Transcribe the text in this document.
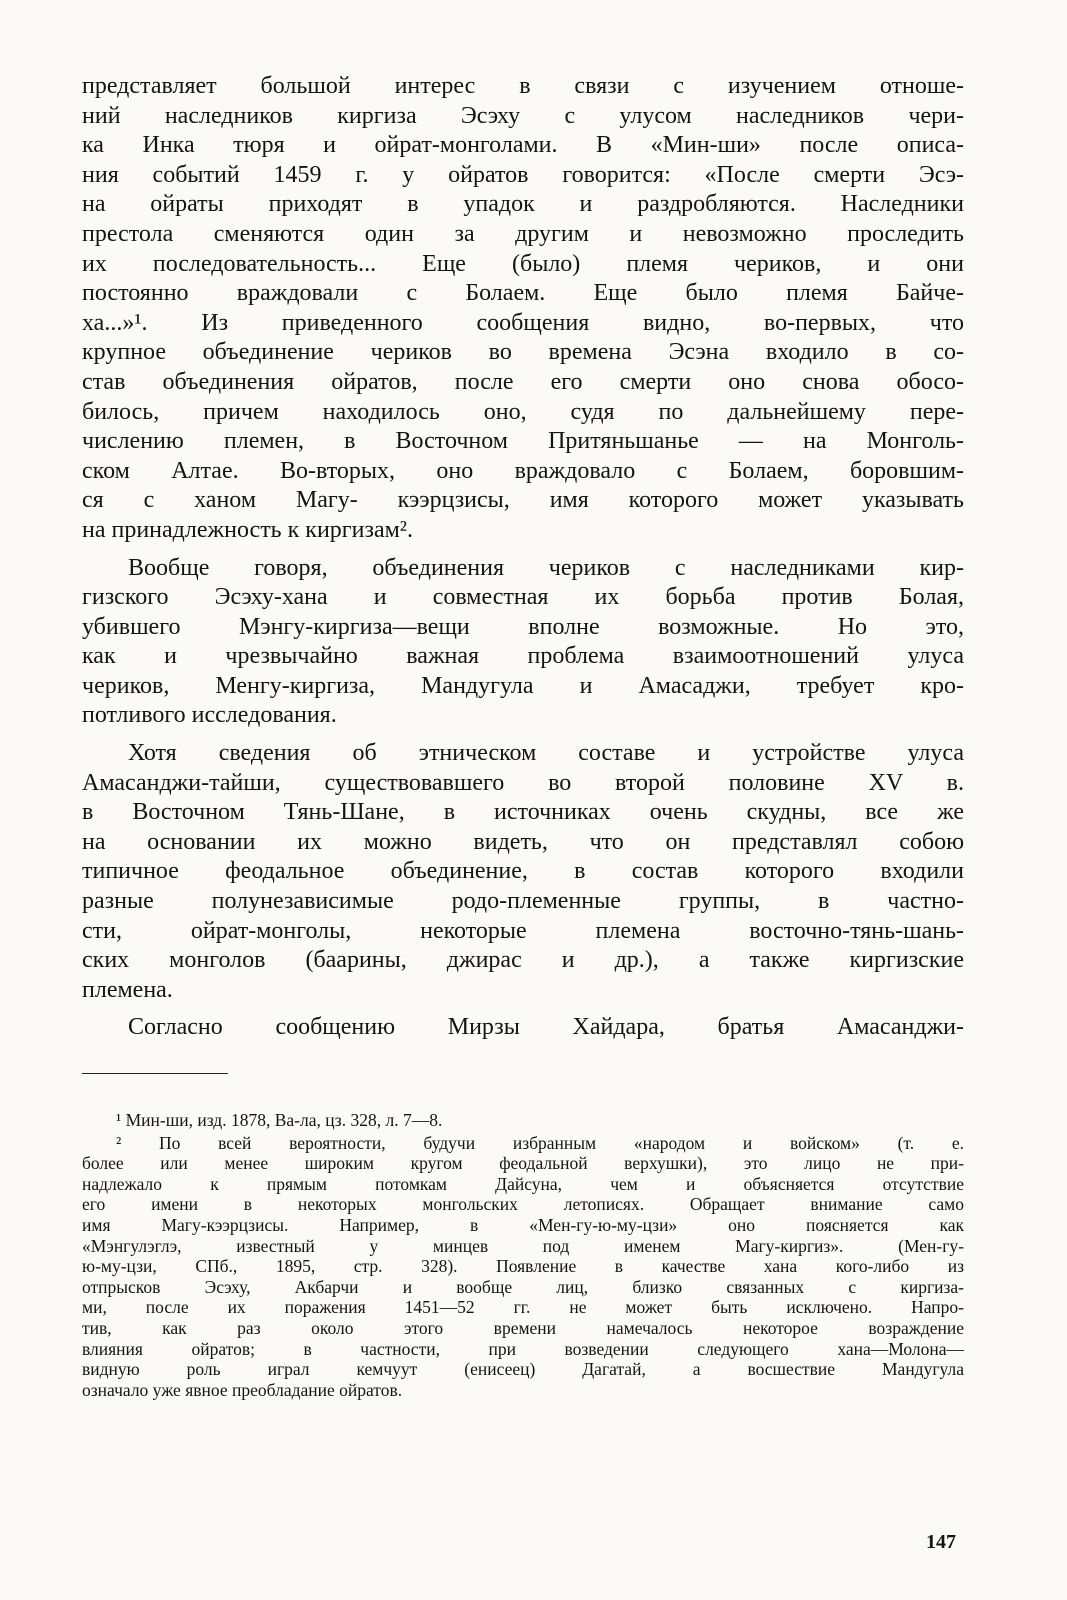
представляет большой интерес в связи с изучением отноше-
ний наследников киргиза Эсэху с улусом наследников чери-
ка Инка тюря и ойрат-монголами. В «Мин-ши» после описа-
ния событий 1459 г. у ойратов говорится: «После смерти Эсэ-
на ойраты приходят в упадок и раздробляются. Наследники
престола сменяются один за другим и невозможно проследить
их последовательность... Еще (было) племя чериков, и они
постоянно враждовали с Болаем. Еще было племя Байче-
ха...»¹. Из приведенного сообщения видно, во-первых, что
крупное объединение чериков во времена Эсэна входило в со-
став объединения ойратов, после его смерти оно снова обосо-
билось, причем находилось оно, судя по дальнейшему пере-
числению племен, в Восточном Притяньшанье — на Монголь-
ском Алтае. Во-вторых, оно враждовало с Болаем, боровшим-
ся с ханом Магу- кээрцзисы, имя которого может указывать
на принадлежность к киргизам².
Вообще говоря, объединения чериков с наследниками кир-
гизского Эсэху-хана и совместная их борьба против Болая,
убившего Мэнгу-киргиза—вещи вполне возможные. Но это,
как и чрезвычайно важная проблема взаимоотношений улуса
чериков, Менгу-киргиза, Мандугула и Амасаджи, требует кро-
потливого исследования.
Хотя сведения об этническом составе и устройстве улуса
Амасанджи-тайши, существовавшего во второй половине XV в.
в Восточном Тянь-Шане, в источниках очень скудны, все же
на основании их можно видеть, что он представлял собою
типичное феодальное объединение, в состав которого входили
разные полунезависимые родо-племенные группы, в частно-
сти, ойрат-монголы, некоторые племена восточно-тянь-шань-
ских монголов (баарины, джирас и др.), а также киргизские
племена.
Согласно сообщению Мирзы Хайдара, братья Амасанджи-
¹ Мин-ши, изд. 1878, Ва-ла, цз. 328, л. 7—8.
² По всей вероятности, будучи избранным «народом и войском» (т. е.
более или менее широким кругом феодальной верхушки), это лицо не при-
надлежало к прямым потомкам Дайсуна, чем и объясняется отсутствие
его имени в некоторых монгольских летописях. Обращает внимание само
имя Магу-кээрцзисы. Например, в «Мен-гу-ю-му-цзи» оно поясняется как
«Мэнгулэглэ, известный у минцев под именем Магу-киргиз». (Мен-гу-
ю-му-цзи, СПб., 1895, стр. 328). Появление в качестве хана кого-либо из
отпрысков Эсэху, Акбарчи и вообще лиц, близко связанных с киргиза-
ми, после их поражения 1451—52 гг. не может быть исключено. Напро-
тив, как раз около этого времени намечалось некоторое возраждение
влияния ойратов; в частности, при возведении следующего хана—Молона—
видную роль играл кемчуут (енисеец) Дагатай, а восшествие Мандугула
означало уже явное преобладание ойратов.
147
